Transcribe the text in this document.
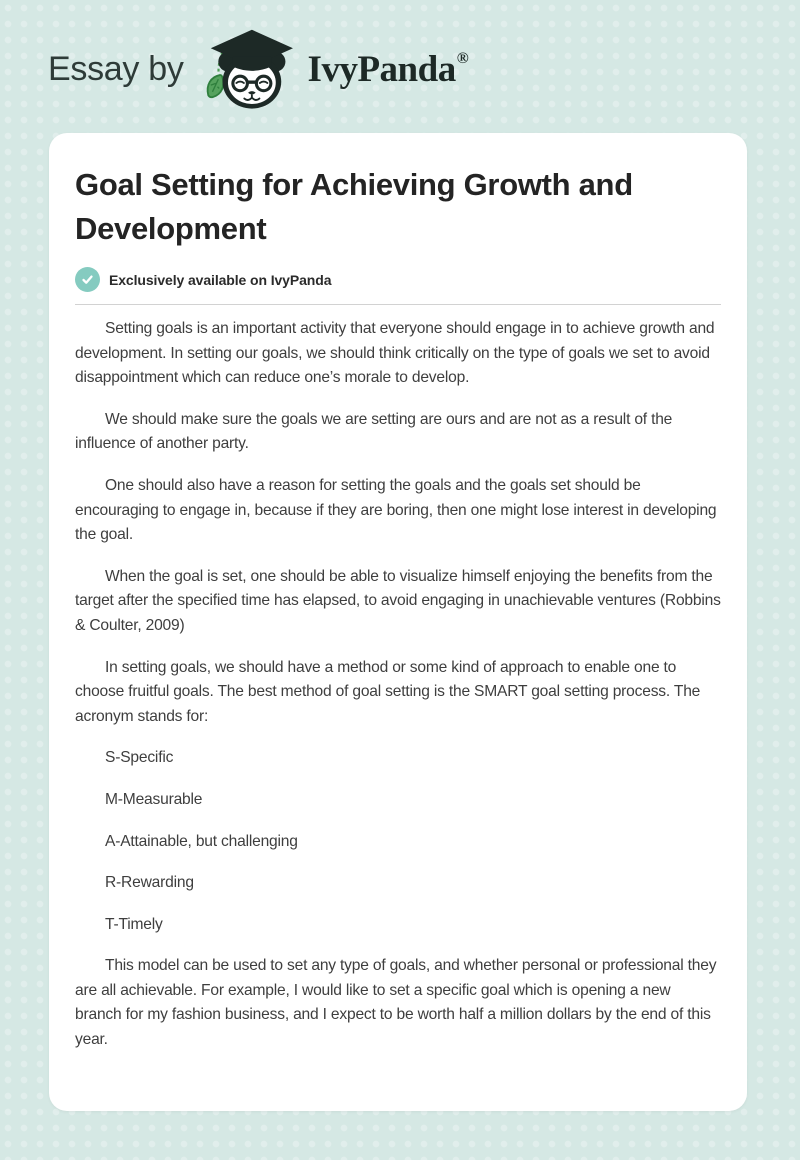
Essay by	IvyPanda®
Goal Setting for Achieving Growth and Development
Exclusively available on IvyPanda

Setting goals is an important activity that everyone should engage in to achieve growth and development. In setting our goals, we should think critically on the type of goals we set to avoid disappointment which can reduce one’s morale to develop.

We should make sure the goals we are setting are ours and are not as a result of the influence of another party.

One should also have a reason for setting the goals and the goals set should be encouraging to engage in, because if they are boring, then one might lose interest in developing the goal.

When the goal is set, one should be able to visualize himself enjoying the benefits from the target after the specified time has elapsed, to avoid engaging in unachievable ventures (Robbins & Coulter, 2009)

In setting goals, we should have a method or some kind of approach to enable one to choose fruitful goals. The best method of goal setting is the SMART goal setting process. The acronym stands for:

S-Specific

M-Measurable

A-Attainable, but challenging

R-Rewarding

T-Timely

This model can be used to set any type of goals, and whether personal or professional they are all achievable. For example, I would like to set a specific goal which is opening a new branch for my fashion business, and I expect to be worth half a million dollars by the end of this year.
